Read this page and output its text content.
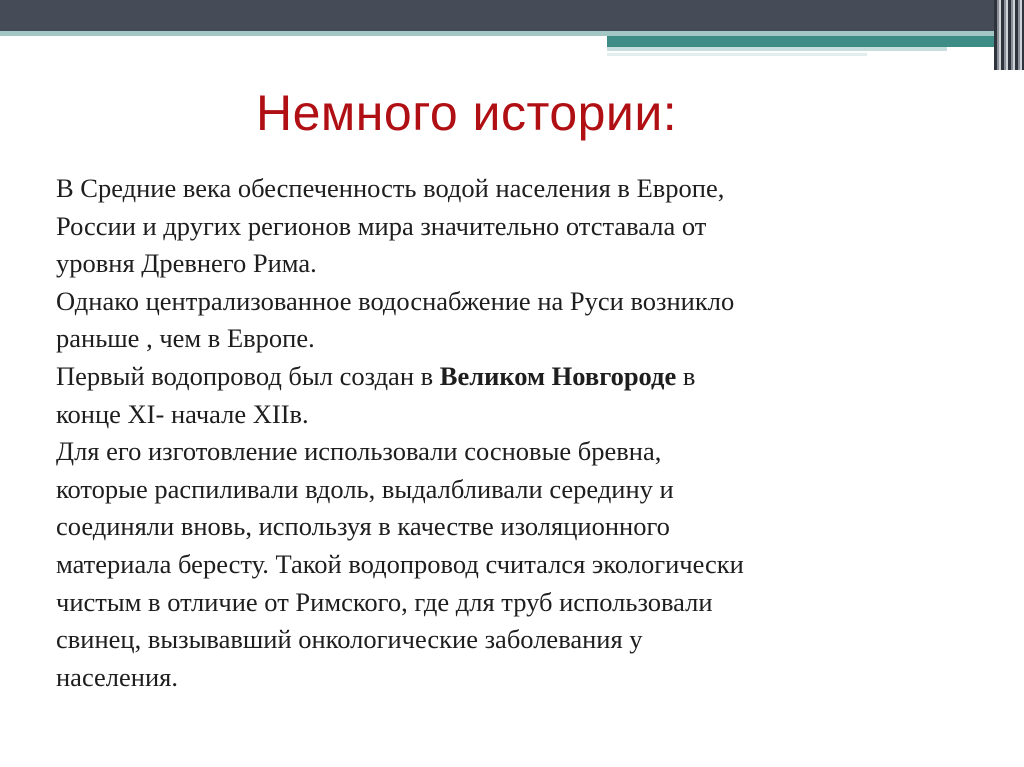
Немного истории:
В Средние века обеспеченность водой населения в Европе,
России и других регионов мира значительно отставала от
уровня Древнего Рима.
Однако централизованное водоснабжение на Руси возникло
раньше , чем в Европе.
Первый водопровод был создан в Великом Новгороде в
конце XI- начале XIIв.
Для его изготовление использовали сосновые бревна,
которые распиливали вдоль, выдалбливали середину и
соединяли вновь, используя в качестве изоляционного
материала бересту. Такой водопровод считался экологически
чистым в отличие от Римского, где для труб использовали
свинец, вызывавший онкологические заболевания у
населения.
